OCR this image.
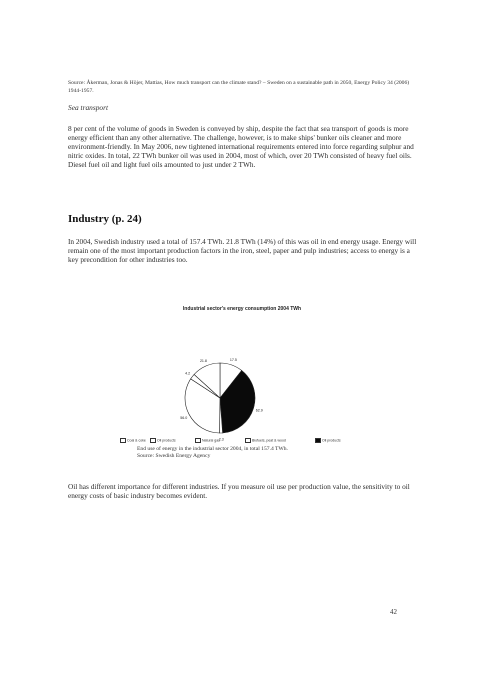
Source: Åkerman, Jonas & Höjer, Mattias, How much transport can the climate stand? – Sweden on a sustainable path in 2050, Energy Policy 34 (2006) 1944-1957.
Sea transport
8 per cent of the volume of goods in Sweden is conveyed by ship, despite the fact that sea transport of goods is more energy efficient than any other alternative. The challenge, however, is to make ships' bunker oils cleaner and more environment-friendly. In May 2006, new tightened international requirements entered into force regarding sulphur and nitric oxides. In total, 22 TWh bunker oil was used in 2004, most of which, over 20 TWh consisted of heavy fuel oils. Diesel fuel oil and light fuel oils amounted to just under 2 TWh.
Industry (p. 24)
In 2004, Swedish industry used a total of 157.4 TWh. 21.8 TWh (14%) of this was oil in end energy usage. Energy will remain one of the most important production factors in the iron, steel, paper and pulp industries; access to energy is a key precondition for other industries too.
Industrial sector's energy consumption 2004 TWh
17.5
62.9
2.3
56.0
4.2
21.8
Coal & coke	Oil products	Natural gas	Biofuels, peat & wood	Oil products
End use of energy in the industrial sector 2004, in total 157.4 TWh.
Source: Swedish Energy Agency
Oil has different importance for different industries. If you measure oil use per production value, the sensitivity to oil energy costs of basic industry becomes evident.
42
